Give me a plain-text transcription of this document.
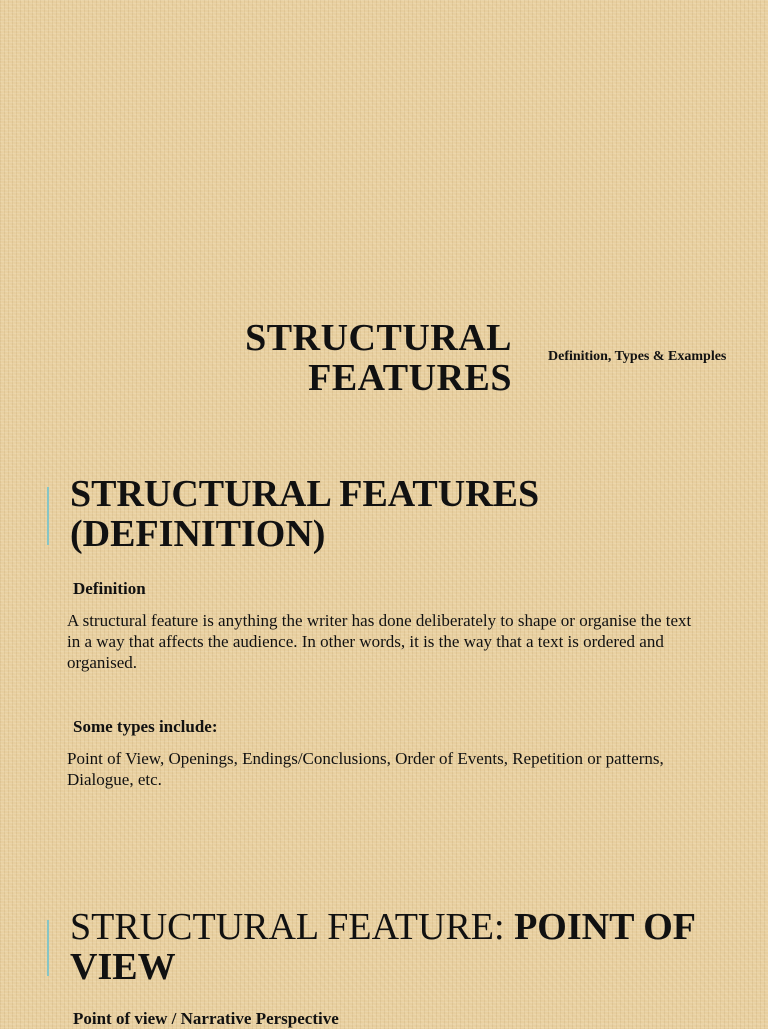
STRUCTURAL
FEATURES
Definition, Types & Examples
STRUCTURAL FEATURES (DEFINITION)
Definition
A structural feature is anything the writer has done deliberately to shape or organise the text in a way that affects the audience. In other words, it is the way that a text is ordered and organised.
Some types include:
Point of View, Openings, Endings/Conclusions, Order of Events, Repetition or patterns, Dialogue, etc.
STRUCTURAL FEATURE: POINT OF VIEW
Point of view / Narrative Perspective
